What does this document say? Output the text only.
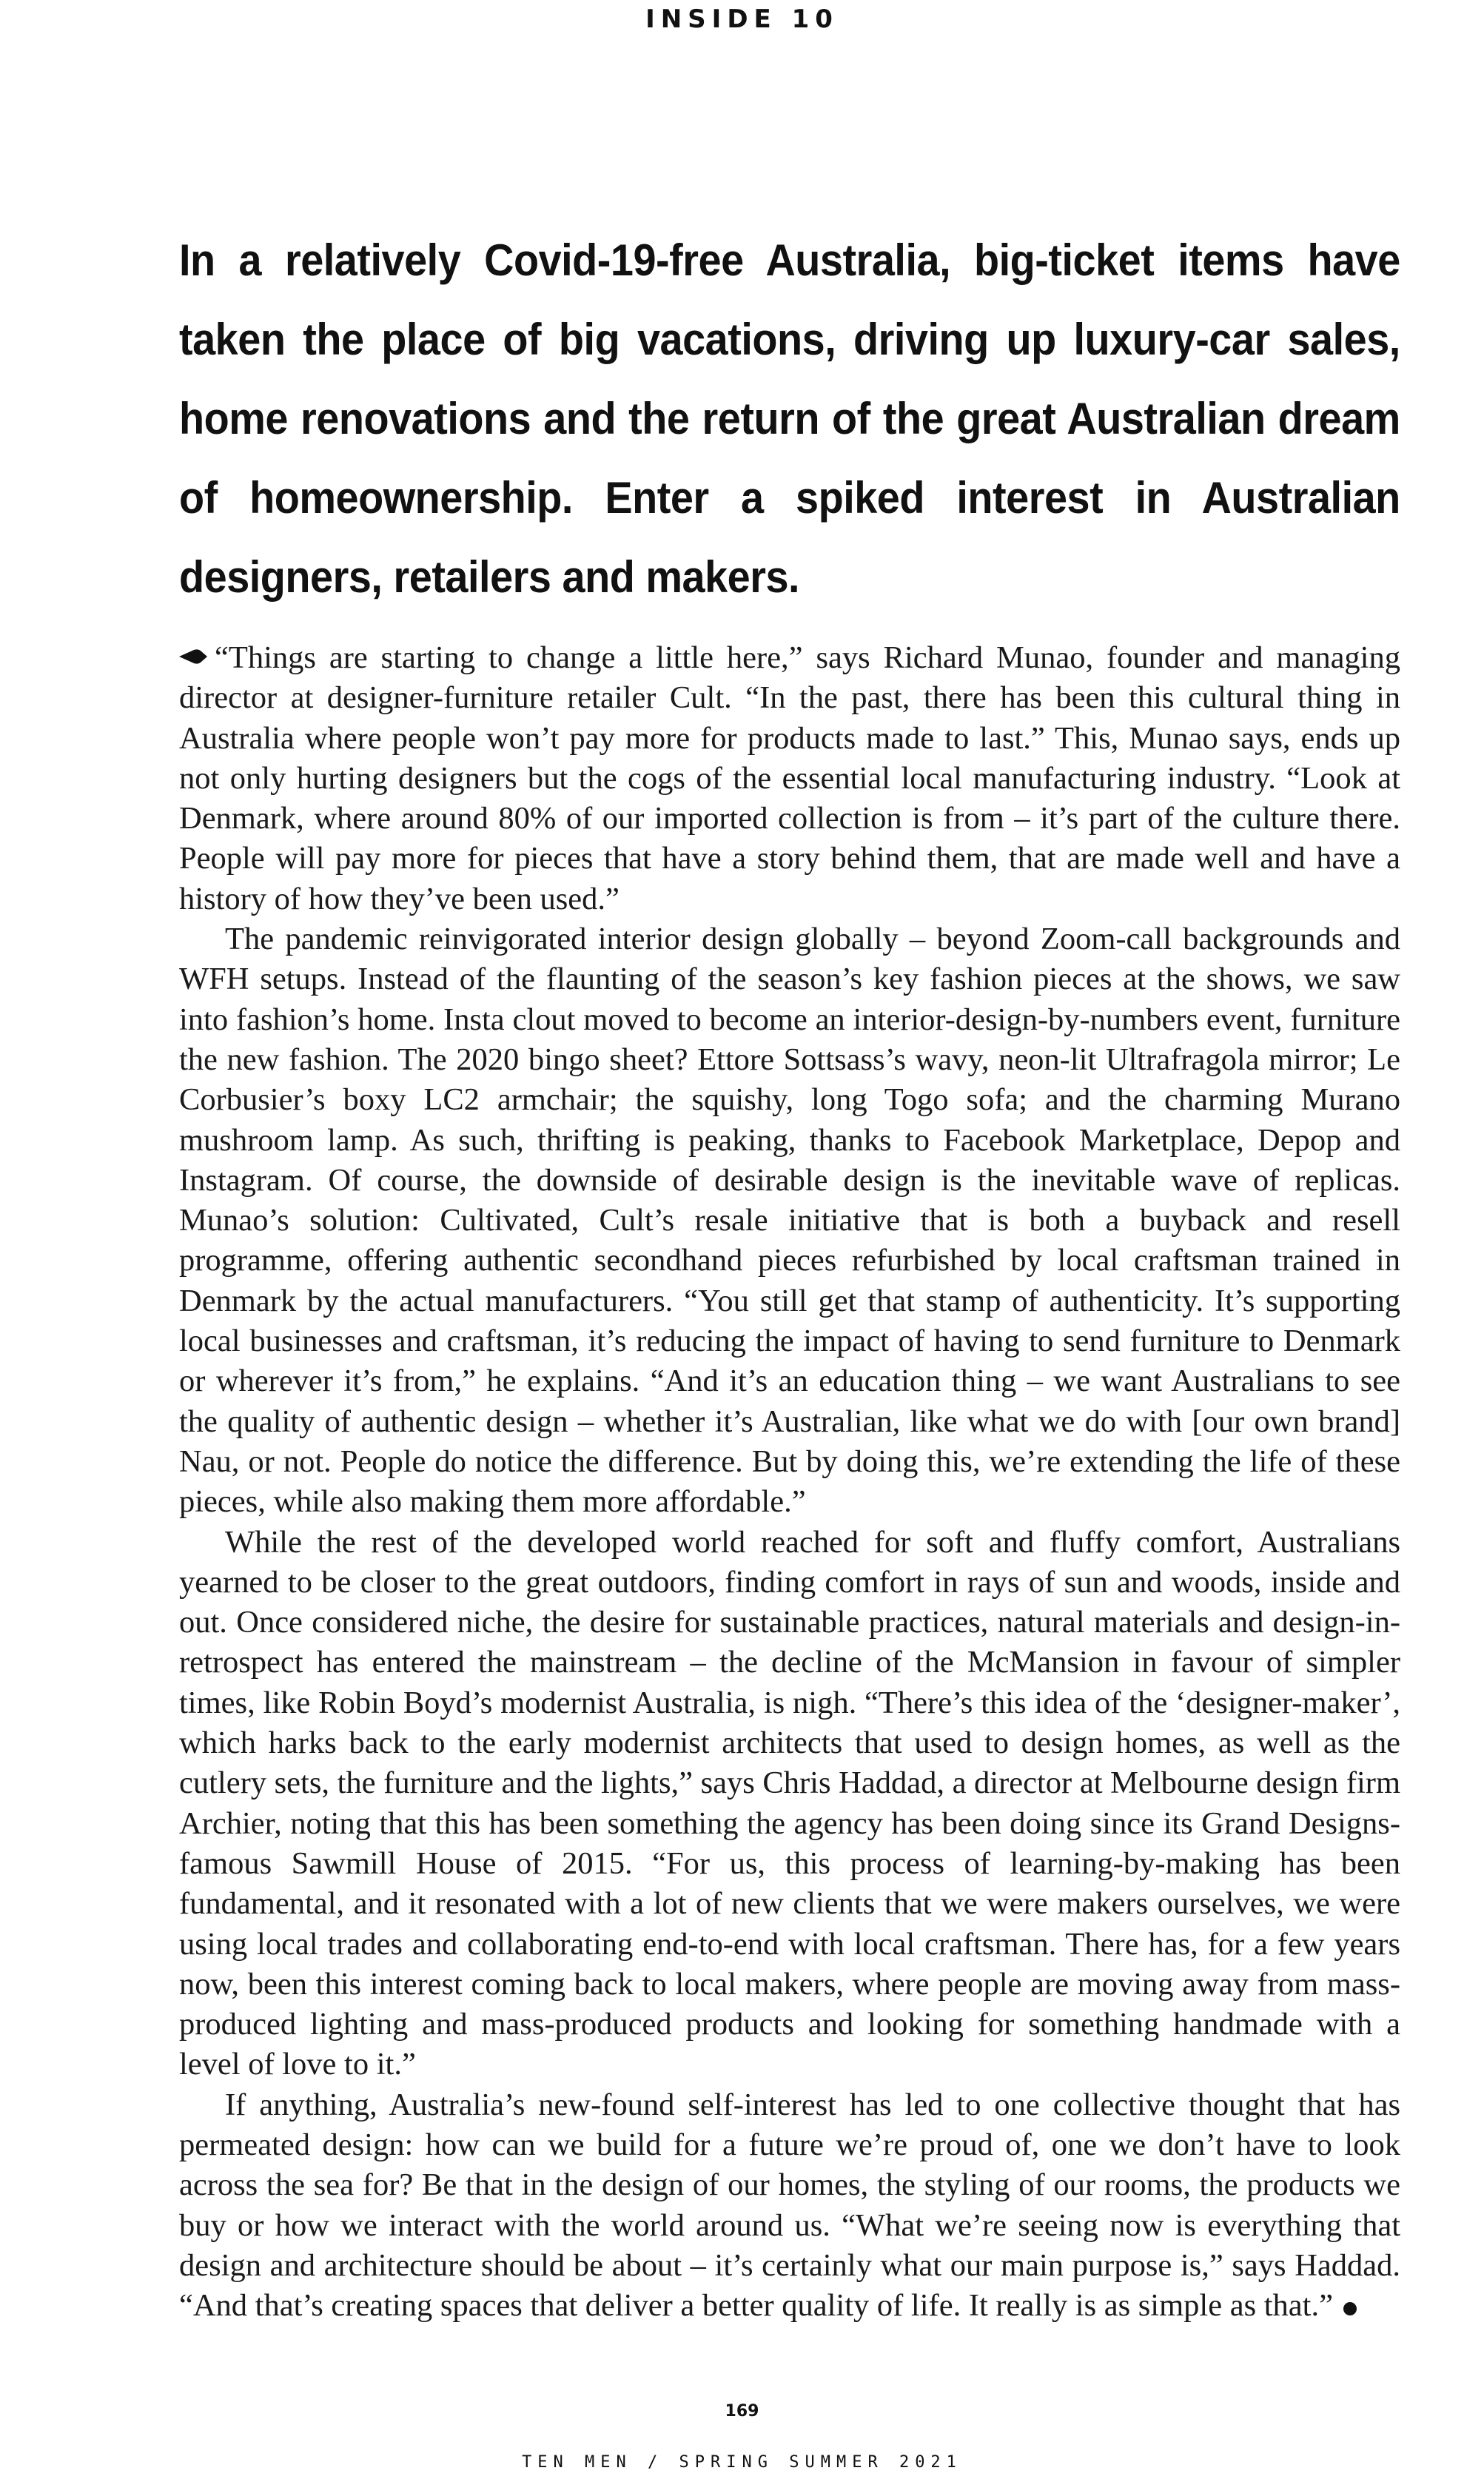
INSIDE 10
In a relatively Covid-19-free Australia, big-ticket items have taken the place of big vacations, driving up luxury-car sales, home renovations and the return of the great Australian dream of homeownership. Enter a spiked interest in Australian designers, retailers and makers.

“Things are starting to change a little here,” says Richard Munao, founder and managing director at designer-furniture retailer Cult. “In the past, there has been this cultural thing in Australia where people won’t pay more for products made to last.” This, Munao says, ends up not only hurting designers but the cogs of the essential local manufacturing industry. “Look at Denmark, where around 80% of our imported collection is from – it’s part of the culture there. People will pay more for pieces that have a story behind them, that are made well and have a history of how they’ve been used.”

The pandemic reinvigorated interior design globally – beyond Zoom-call backgrounds and WFH setups. Instead of the flaunting of the season’s key fashion pieces at the shows, we saw into fashion’s home. Insta clout moved to become an interior-design-by-numbers event, furniture the new fashion. The 2020 bingo sheet? Ettore Sottsass’s wavy, neon-lit Ultrafragola mirror; Le Corbusier’s boxy LC2 armchair; the squishy, long Togo sofa; and the charming Murano mushroom lamp. As such, thrifting is peaking, thanks to Facebook Marketplace, Depop and Instagram. Of course, the downside of desirable design is the inevitable wave of replicas. Munao’s solution: Cultivated, Cult’s resale initiative that is both a buyback and resell programme, offering authentic secondhand pieces refurbished by local craftsman trained in Denmark by the actual manufacturers. “You still get that stamp of authenticity. It’s supporting local businesses and craftsman, it’s reducing the impact of having to send furniture to Denmark or wherever it’s from,” he explains. “And it’s an education thing – we want Australians to see the quality of authentic design – whether it’s Australian, like what we do with [our own brand] Nau, or not. People do notice the difference. But by doing this, we’re extending the life of these pieces, while also making them more affordable.”

While the rest of the developed world reached for soft and fluffy comfort, Australians yearned to be closer to the great outdoors, finding comfort in rays of sun and woods, inside and out. Once considered niche, the desire for sustainable practices, natural materials and design-in-retrospect has entered the mainstream – the decline of the McMansion in favour of simpler times, like Robin Boyd’s modernist Australia, is nigh. “There’s this idea of the ‘designer-maker’, which harks back to the early modernist architects that used to design homes, as well as the cutlery sets, the furniture and the lights,” says Chris Haddad, a director at Melbourne design firm Archier, noting that this has been something the agency has been doing since its Grand Designs-famous Sawmill House of 2015. “For us, this process of learning-by-making has been fundamental, and it resonated with a lot of new clients that we were makers ourselves, we were using local trades and collaborating end-to-end with local craftsman. There has, for a few years now, been this interest coming back to local makers, where people are moving away from mass-produced lighting and mass-produced products and looking for something handmade with a level of love to it.”

If anything, Australia’s new-found self-interest has led to one collective thought that has permeated design: how can we build for a future we’re proud of, one we don’t have to look across the sea for? Be that in the design of our homes, the styling of our rooms, the products we buy or how we interact with the world around us. “What we’re seeing now is everything that design and architecture should be about – it’s certainly what our main purpose is,” says Haddad. “And that’s creating spaces that deliver a better quality of life. It really is as simple as that.”

169
TEN MEN / SPRING SUMMER 2021
